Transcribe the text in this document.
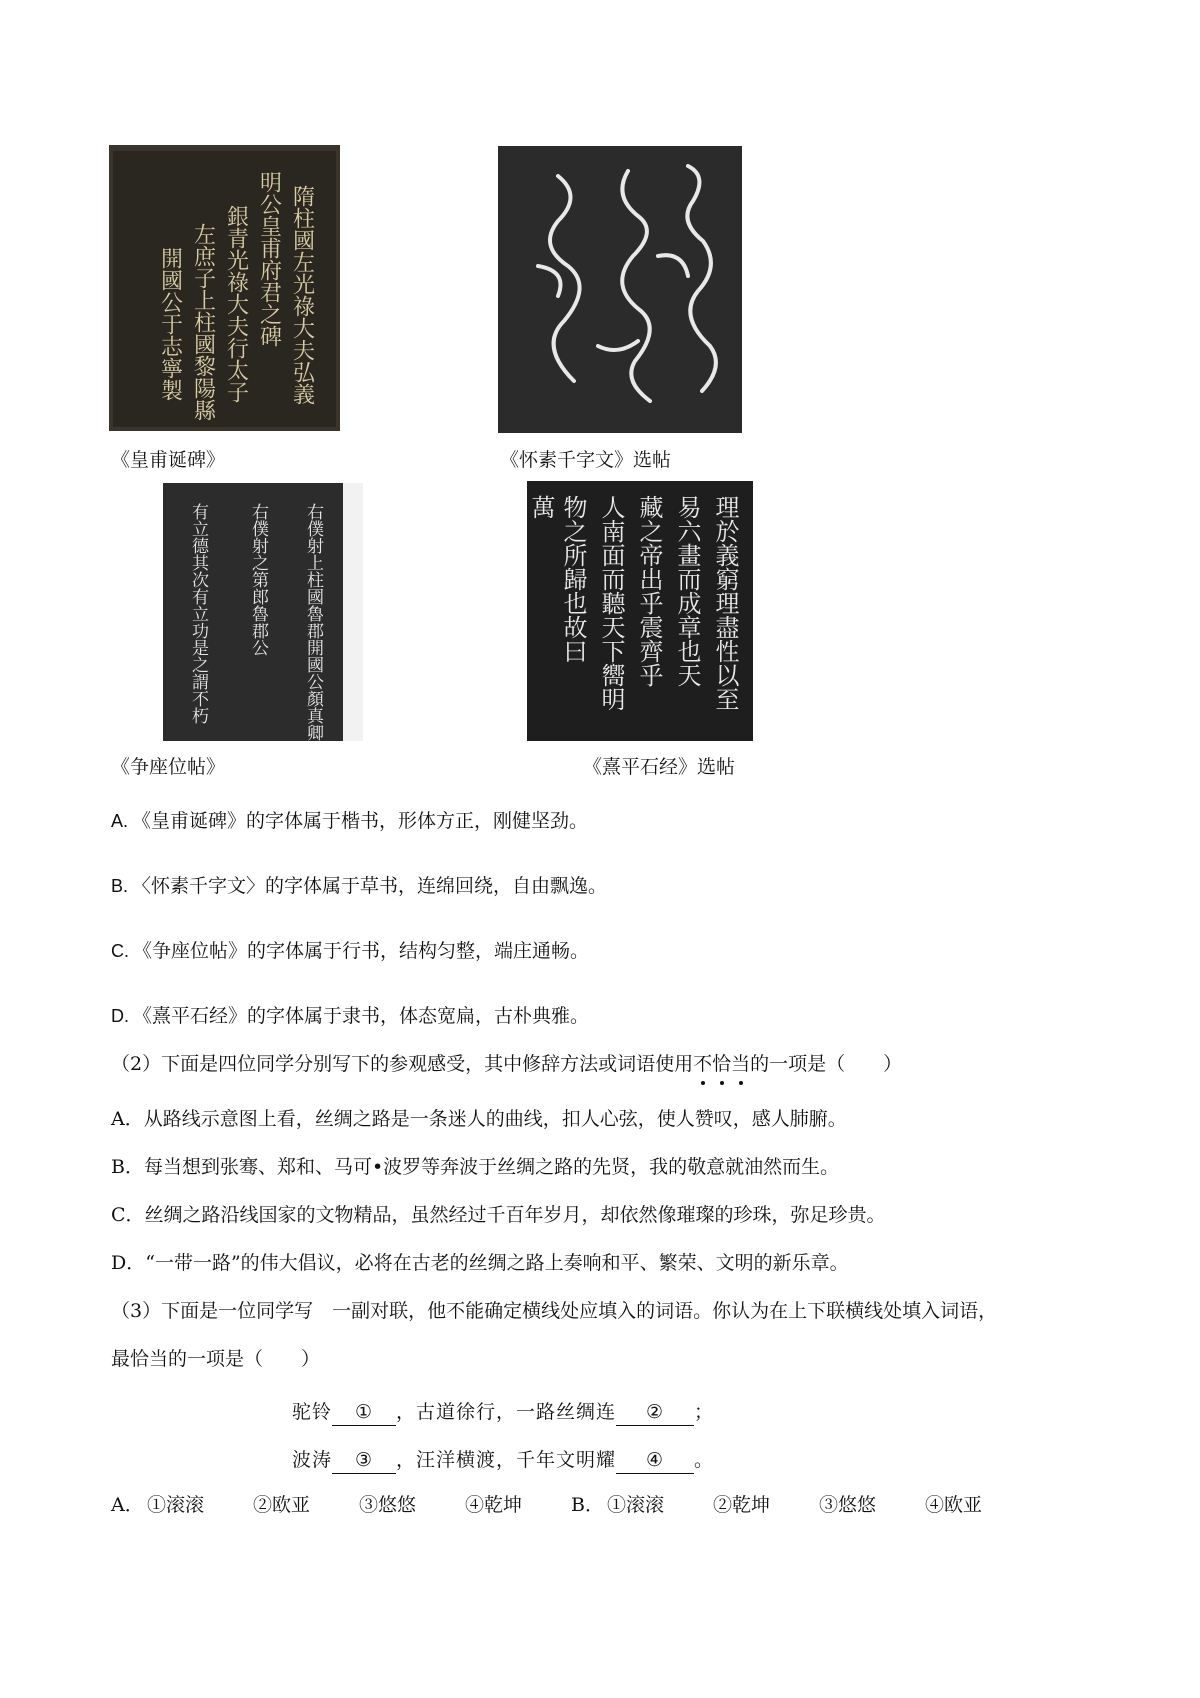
隋柱國左光祿大夫弘義
明公皇甫府君之碑
銀青光祿大夫行太子
左庶子上柱國黎陽縣
開國公于志寧製
《皇甫诞碑》	《怀素千字文》选帖
右僕射上柱國魯郡開國公顏真卿
右僕射之第郎魯郡公
有立德其次有立功是之謂不朽
《争座位帖》
理於義窮理盡性以至
易六畫而成章也天
藏之帝出乎震齊乎
人南面而聽天下嚮明
物之所歸也故曰
萬
《熹平石经》选帖
A. 《皇甫诞碑》的字体属于楷书，形体方正，刚健坚劲。
B. 〈怀素千字文〉的字体属于草书，连绵回绕，自由飘逸。
C. 《争座位帖》的字体属于行书，结构匀整，端庄通畅。
D. 《熹平石经》的字体属于隶书，体态宽扁，古朴典雅。
（2）下面是四位同学分别写下的参观感受，其中修辞方法或词语使用不恰当的一项是（　　）
A．从路线示意图上看，丝绸之路是一条迷人的曲线，扣人心弦，使人赞叹，感人肺腑。
B．每当想到张骞、郑和、马可•波罗等奔波于丝绸之路的先贤，我的敬意就油然而生。
C．丝绸之路沿线国家的文物精品，虽然经过千百年岁月，却依然像璀璨的珍珠，弥足珍贵。
D．“一带一路”的伟大倡议，必将在古老的丝绸之路上奏响和平、繁荣、文明的新乐章。
（3）下面是一位同学写　一副对联，他不能确定横线处应填入的词语。你认为在上下联横线处填入词语，
最恰当的一项是（　　）
驼铃 ① ，古道徐行，一路丝绸连 ② ；
波涛 ③ ，汪洋横渡，千年文明耀 ④ 。
A． ①滚滚	②欧亚	③悠悠	④乾坤	B． ①滚滚	②乾坤	③悠悠	④欧亚
